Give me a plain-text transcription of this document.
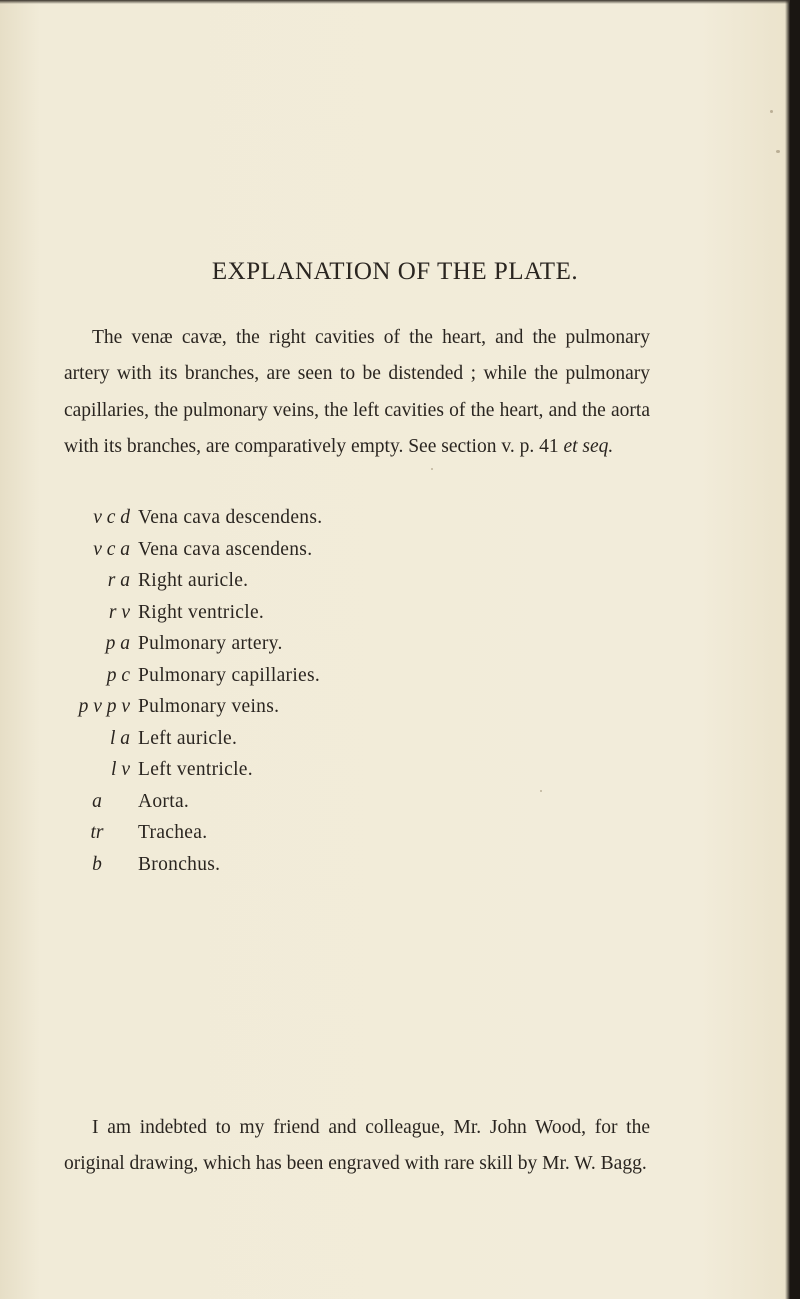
EXPLANATION OF THE PLATE.

The venæ cavæ, the right cavities of the heart, and the pulmonary artery with its branches, are seen to be distended ; while the pulmonary capillaries, the pulmonary veins, the left cavities of the heart, and the aorta with its branches, are comparatively empty. See section v. p. 41 et seq.

v c d Vena cava descendens.
v c a Vena cava ascendens.
r a Right auricle.
r v Right ventricle.
p a Pulmonary artery.
p c Pulmonary capillaries.
p v p v Pulmonary veins.
l a Left auricle.
l v Left ventricle.
a Aorta.
tr Trachea.
b Bronchus.

I am indebted to my friend and colleague, Mr. John Wood, for the original drawing, which has been engraved with rare skill by Mr. W. Bagg.
